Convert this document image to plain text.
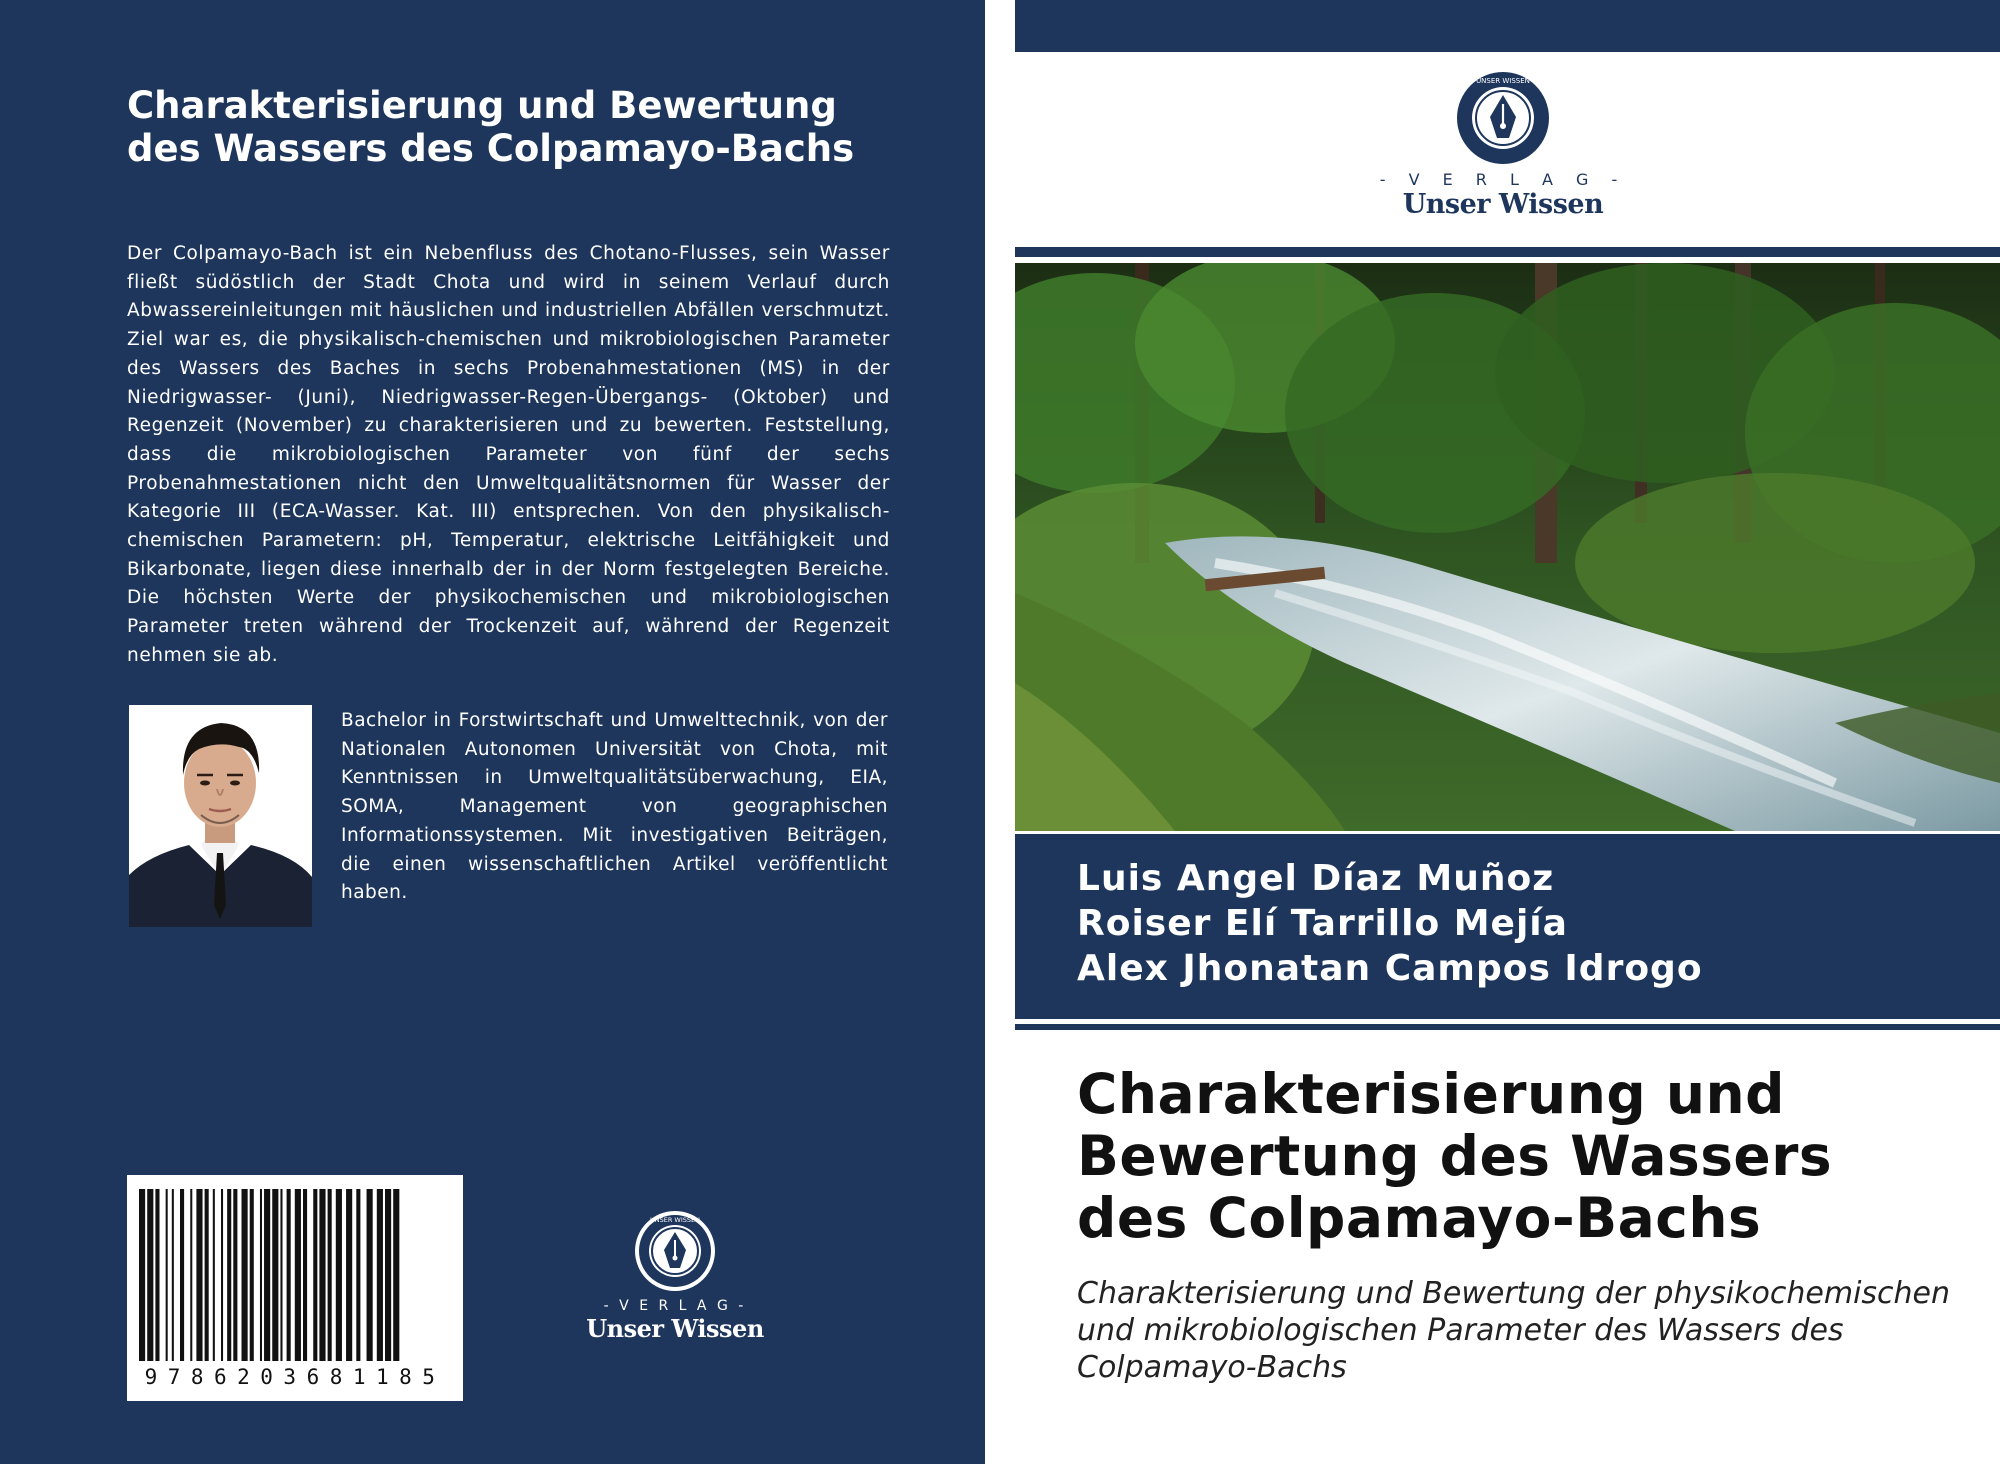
Charakterisierung und Bewertung des Wassers des Colpamayo-Bachs

Der Colpamayo-Bach ist ein Nebenfluss des Chotano-Flusses, sein Wasser fließt südöstlich der Stadt Chota und wird in seinem Verlauf durch Abwassereinleitungen mit häuslichen und industriellen Abfällen verschmutzt. Ziel war es, die physikalisch-chemischen und mikrobiologischen Parameter des Wassers des Baches in sechs Probenahmestationen (MS) in der Niedrigwasser- (Juni), Niedrigwasser-Regen-Übergangs- (Oktober) und Regenzeit (November) zu charakterisieren und zu bewerten. Feststellung, dass die mikrobiologischen Parameter von fünf der sechs Probenahmestationen nicht den Umweltqualitätsnormen für Wasser der Kategorie III (ECA-Wasser. Kat. III) entsprechen. Von den physikalisch-chemischen Parametern: pH, Temperatur, elektrische Leitfähigkeit und Bikarbonate, liegen diese innerhalb der in der Norm festgelegten Bereiche. Die höchsten Werte der physikochemischen und mikrobiologischen Parameter treten während der Trockenzeit auf, während der Regenzeit nehmen sie ab.

Bachelor in Forstwirtschaft und Umwelttechnik, von der Nationalen Autonomen Universität von Chota, mit Kenntnissen in Umweltqualitätsüberwachung, EIA, SOMA, Management von geographischen Informationssystemen. Mit investigativen Beiträgen, die einen wissenschaftlichen Artikel veröffentlicht haben.

9786203681185
UNSER WISSEN
- V E R L A G -
Unser Wissen
UNSER WISSEN
- V E R L A G -
Unser Wissen
Luis Angel Díaz Muñoz
Roiser Elí Tarrillo Mejía
Alex Jhonatan Campos Idrogo
Charakterisierung und Bewertung des Wassers des Colpamayo-Bachs

Charakterisierung und Bewertung der physikochemischen und mikrobiologischen Parameter des Wassers des Colpamayo-Bachs
